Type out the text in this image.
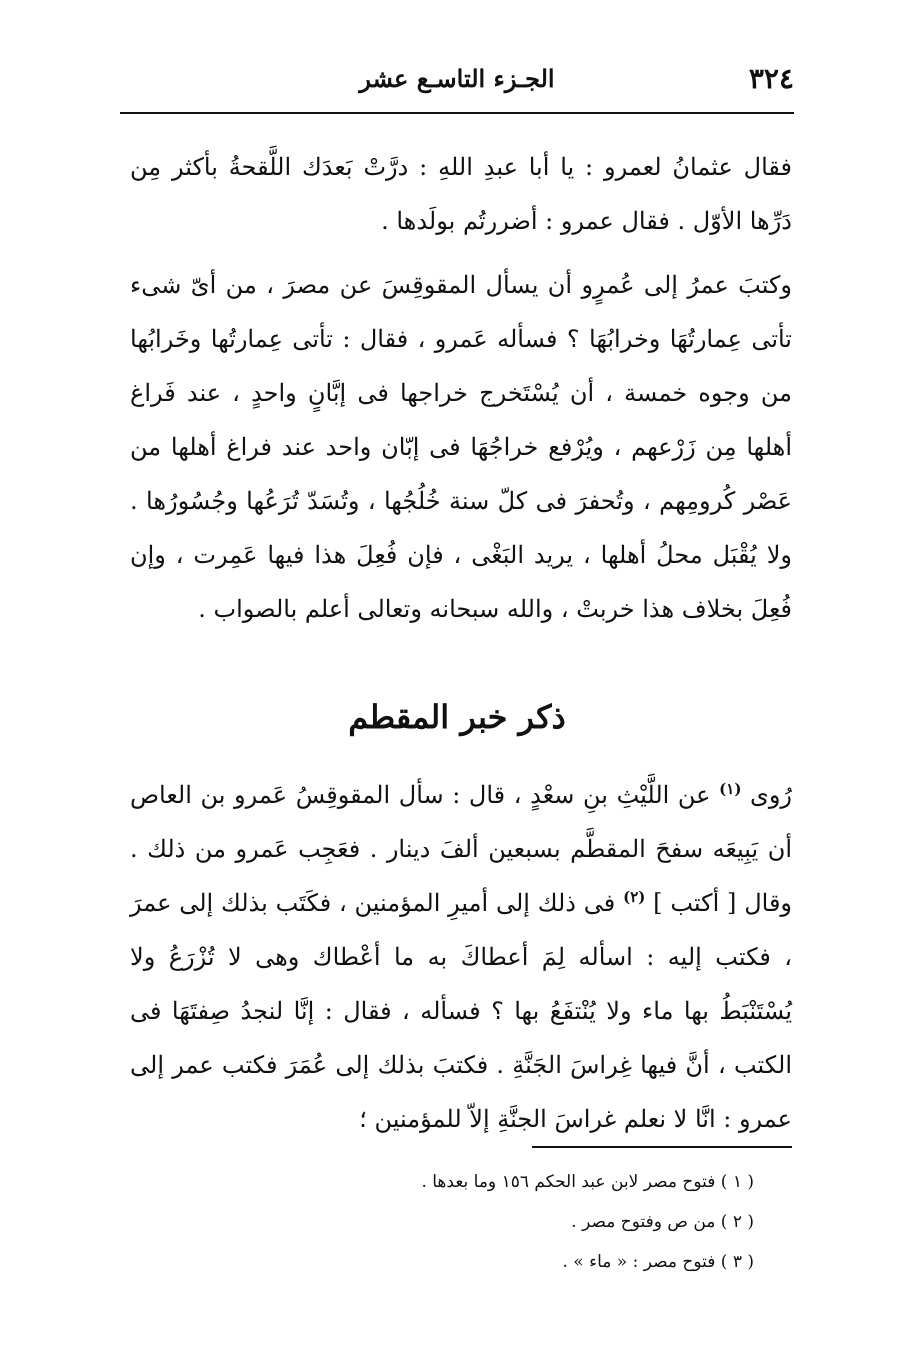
٣٢٤
الجـزء التاسـع عشر

فقال عثمانُ لعمرو : يا أبا عبدِ اللهِ : درَّتْ بَعدَك اللَّقحةُ بأكثر مِن دَرِّها الأوّل . فقال عمرو : أضررتُم بولَدها .

وكتبَ عمرُ إلى عُمرٍو أن يسأل المقوقِسَ عن مصرَ ، من أىّ شىء تأتى عِمارتُهَا وخرابُهَا ؟ فسأله عَمرو ، فقال : تأتى عِمارتُها وخَرابُها من وجوه خمسة ، أن يُسْتَخرج خراجها فى إبَّانٍ واحدٍ ، عند فَراغ أهلها مِن زَرْعهم ، ويُرْفع خراجُهَا فى إبّان واحد عند فراغ أهلها من عَصْر كُرومِهم ، وتُحفرَ فى كلّ سنة خُلُجُها ، وتُسَدّ تُرَعُها وجُسُورُها . ولا يُقْبَل محلُ أهلها ، يريد البَغْى ، فإن فُعِلَ هذا فيها عَمِرت ، وإن فُعِلَ بخلاف هذا خربتْ ، والله سبحانه وتعالى أعلم بالصواب .

ذكر خبر المقطم

رُوى $^{(١)}$ عن اللَّيْثِ بنِ سعْدٍ ، قال : سأل المقوقِسُ عَمرو بن العاص أن يَبِيعَه سفحَ المقطَّم بسبعين ألفَ دينار . فعَجِب عَمرو من ذلك . وقال [ أكتب ] $^{(٢)}$ فى ذلك إلى أميرِ المؤمنين ، فكَتَب بذلك إلى عمرَ ، فكتب إليه : اسأله لِمَ أعطاكَ به ما أعْطاك وهى لا تُزْرَعُ ولا يُسْتَنْبَطُ بها ماء ولا يُنْتفَعُ بها ؟ فسأله ، فقال : إنَّا لنجدُ صِفتَهَا فى الكتب ، أنَّ فيها غِراسَ الجَنَّةِ . فكتبَ بذلك إلى عُمَرَ فكتب عمر إلى عمرو : انَّا لا نعلم غراسَ الجنَّةِ إلاّ للمؤمنين ؛

( ١ ) فتوح مصر لابن عبد الحكم ١٥٦ وما بعدها .
( ٢ ) من ص وفتوح مصر .
( ٣ ) فتوح مصر : « ماء » .
